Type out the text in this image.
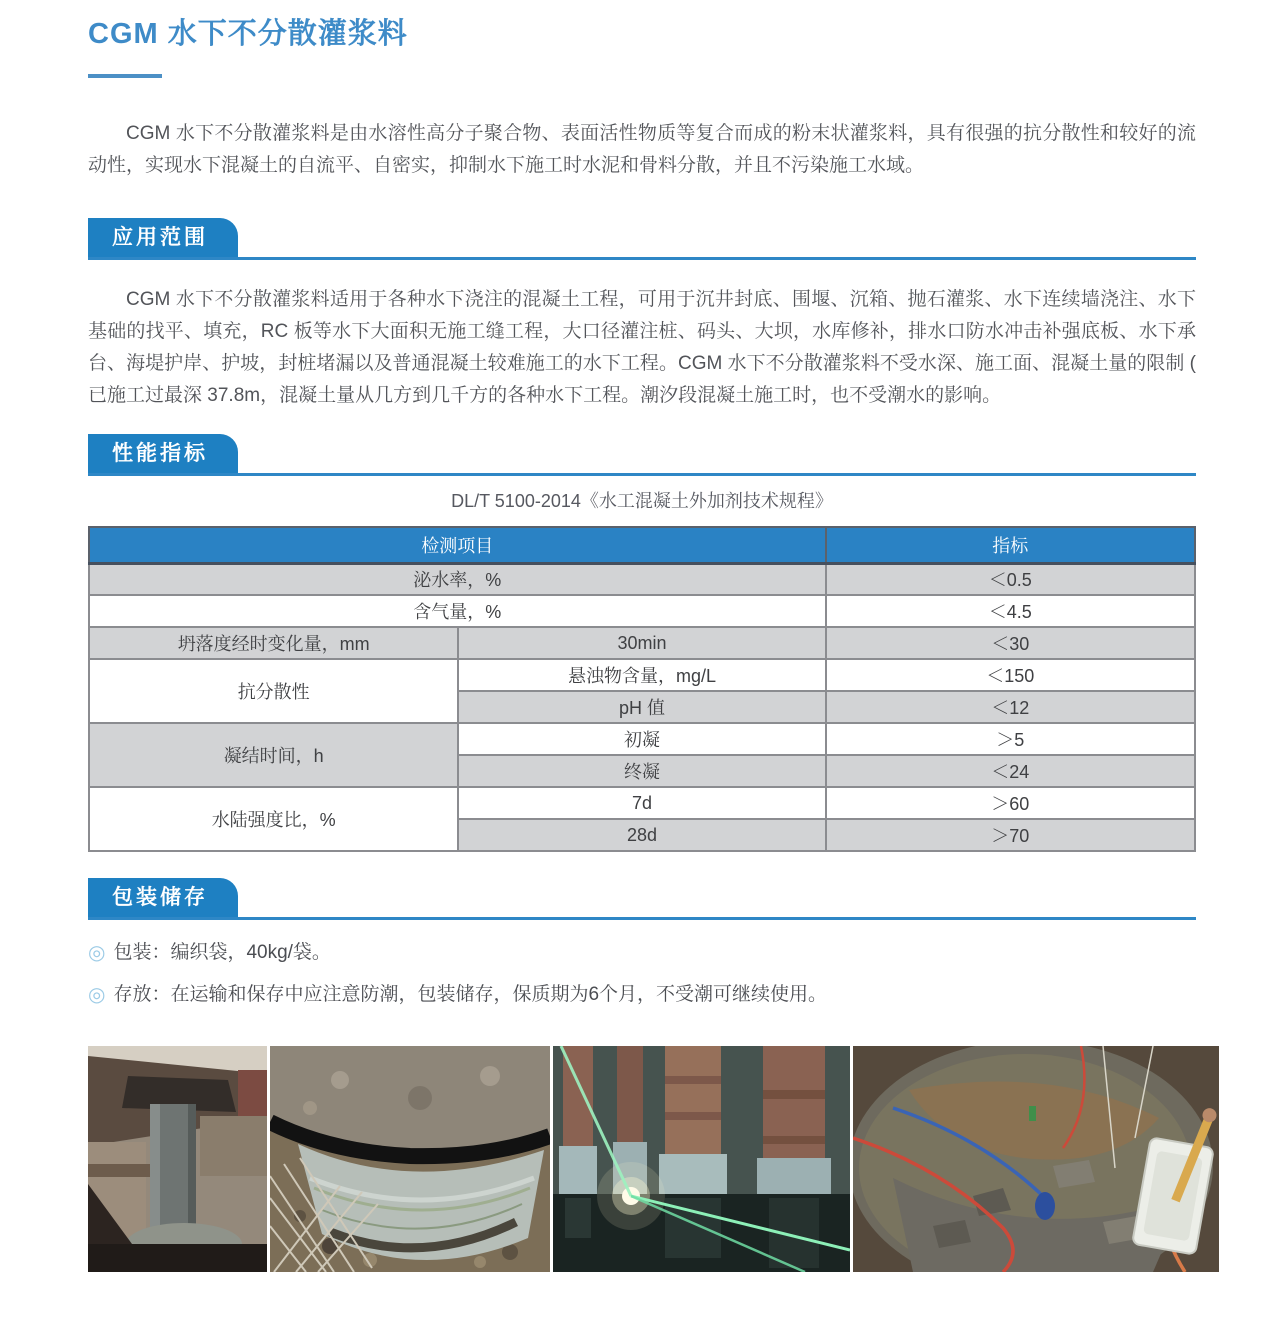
CGM 水下不分散灌浆料

CGM 水下不分散灌浆料是由水溶性高分子聚合物、表面活性物质等复合而成的粉末状灌浆料，具有很强的抗分散性和较好的流动性，实现水下混凝土的自流平、自密实，抑制水下施工时水泥和骨料分散，并且不污染施工水域。

应用范围

CGM 水下不分散灌浆料适用于各种水下浇注的混凝土工程，可用于沉井封底、围堰、沉箱、抛石灌浆、水下连续墙浇注、水下基础的找平、填充，RC 板等水下大面积无施工缝工程，大口径灌注桩、码头、大坝，水库修补，排水口防水冲击补强底板、水下承台、海堤护岸、护坡，封桩堵漏以及普通混凝土较难施工的水下工程。CGM 水下不分散灌浆料不受水深、施工面、混凝土量的限制 ( 已施工过最深 37.8m，混凝土量从几方到几千方的各种水下工程。潮汐段混凝土施工时，也不受潮水的影响。

性能指标

DL/T 5100-2014《水工混凝土外加剂技术规程》

检测项目		指标
泌水率，%		＜0.5
含气量，%		＜4.5
坍落度经时变化量，mm	30min	＜30
抗分散性	悬浊物含量，mg/L	＜150
	pH 值	＜12
凝结时间，h	初凝	＞5
	终凝	＜24
水陆强度比，%	7d	＞60
	28d	＞70
包装储存
◎ 包装：编织袋，40kg/袋。
◎ 存放：在运输和保存中应注意防潮，包装储存，保质期为6个月，不受潮可继续使用。
